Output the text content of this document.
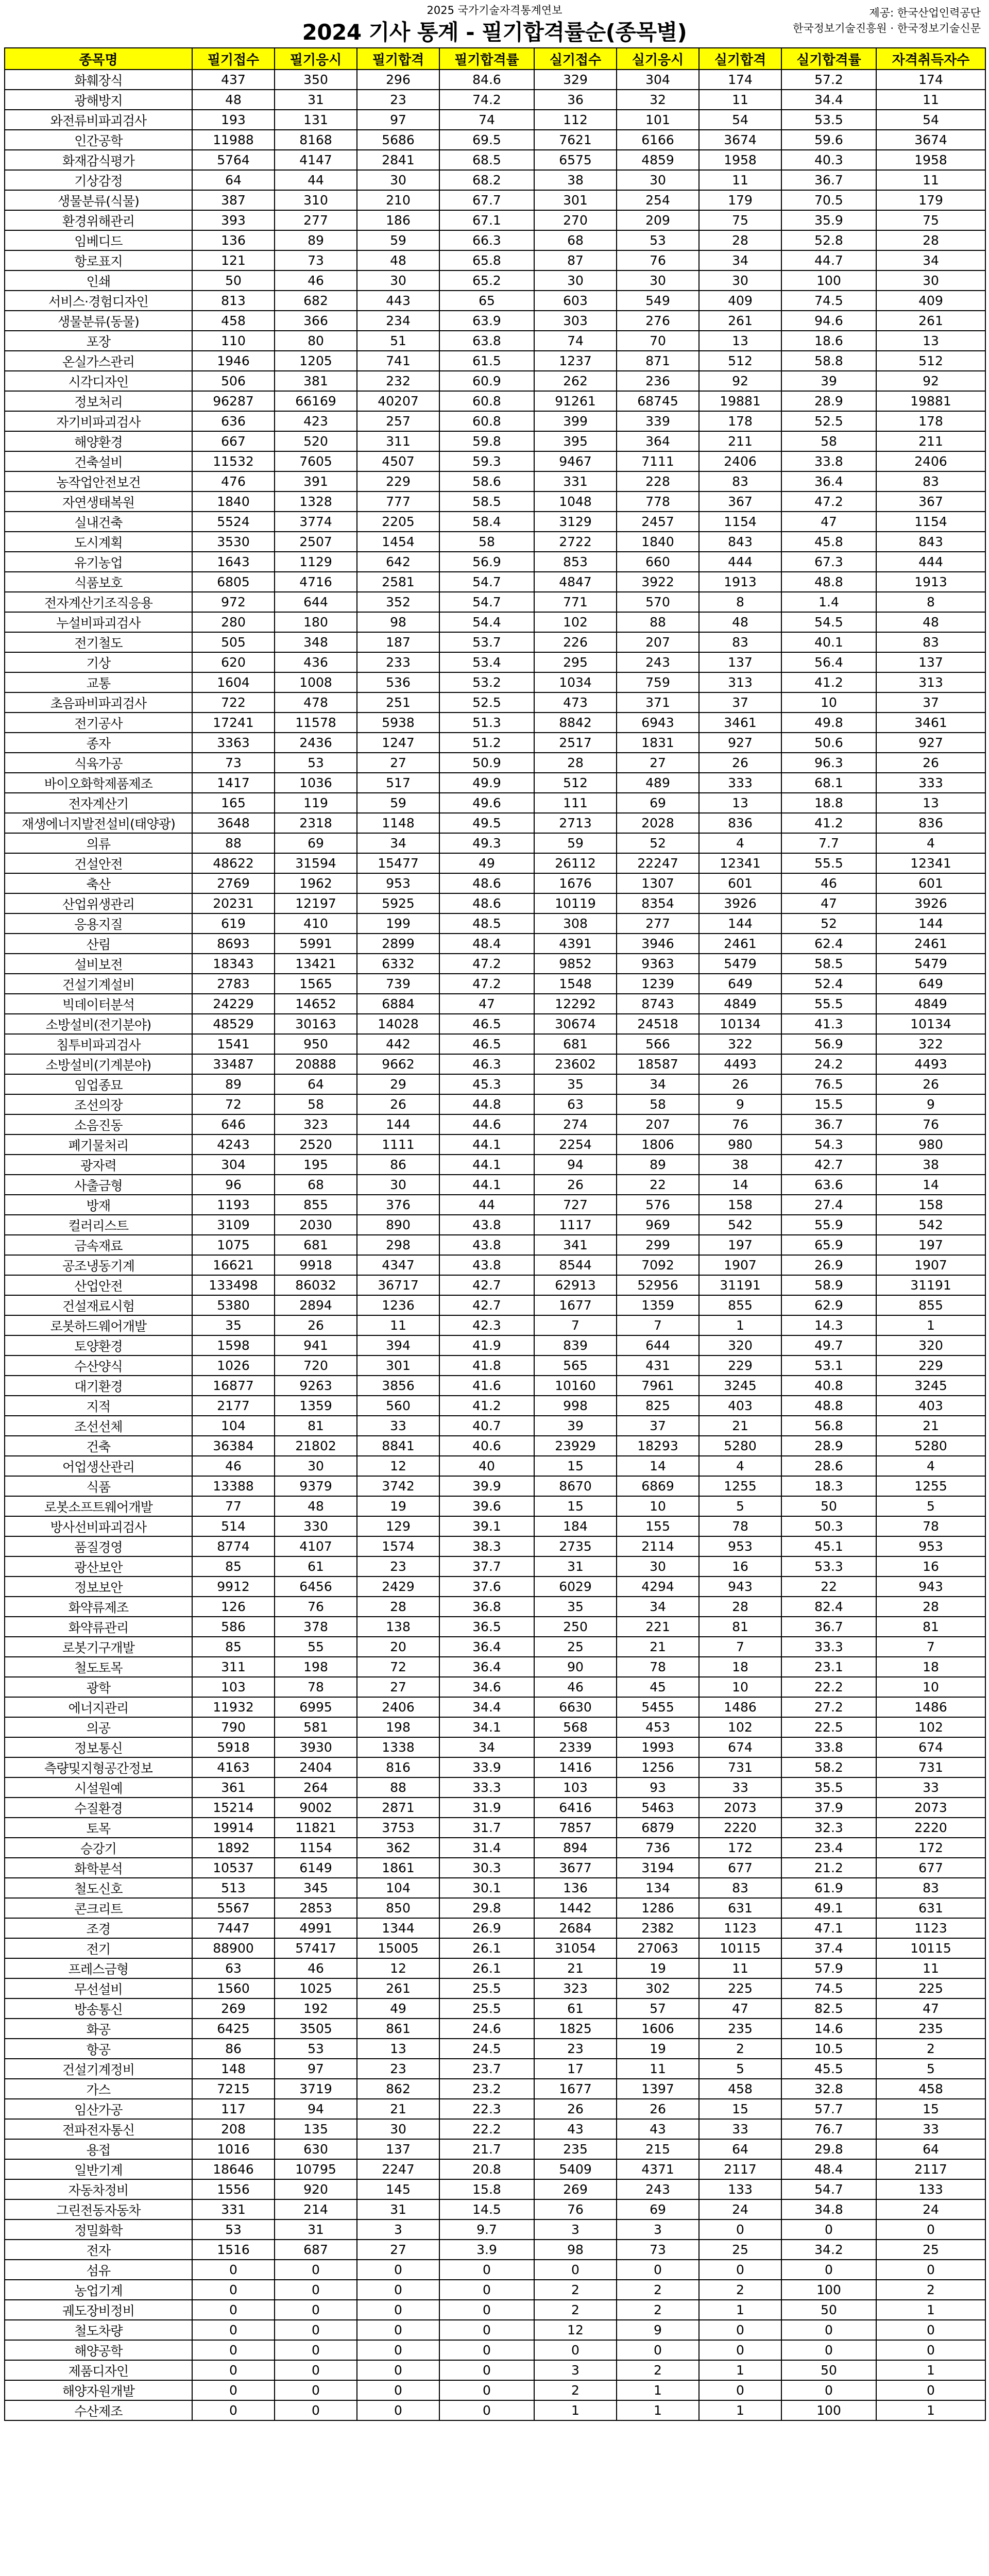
2025 국가기술자격통계연보
2024 기사 통계 - 필기합격률순(종목별)
제공: 한국산업인력공단
한국정보기술진흥원 · 한국정보기술신문
종목명	필기접수	필기응시	필기합격	필기합격률	실기접수	실기응시	실기합격	실기합격률	자격취득자수
화훼장식	437	350	296	84.6	329	304	174	57.2	174
광해방지	48	31	23	74.2	36	32	11	34.4	11
와전류비파괴검사	193	131	97	74	112	101	54	53.5	54
인간공학	11988	8168	5686	69.5	7621	6166	3674	59.6	3674
화재감식평가	5764	4147	2841	68.5	6575	4859	1958	40.3	1958
기상감정	64	44	30	68.2	38	30	11	36.7	11
생물분류(식물)	387	310	210	67.7	301	254	179	70.5	179
환경위해관리	393	277	186	67.1	270	209	75	35.9	75
임베디드	136	89	59	66.3	68	53	28	52.8	28
항로표지	121	73	48	65.8	87	76	34	44.7	34
인쇄	50	46	30	65.2	30	30	30	100	30
서비스·경험디자인	813	682	443	65	603	549	409	74.5	409
생물분류(동물)	458	366	234	63.9	303	276	261	94.6	261
포장	110	80	51	63.8	74	70	13	18.6	13
온실가스관리	1946	1205	741	61.5	1237	871	512	58.8	512
시각디자인	506	381	232	60.9	262	236	92	39	92
정보처리	96287	66169	40207	60.8	91261	68745	19881	28.9	19881
자기비파괴검사	636	423	257	60.8	399	339	178	52.5	178
해양환경	667	520	311	59.8	395	364	211	58	211
건축설비	11532	7605	4507	59.3	9467	7111	2406	33.8	2406
농작업안전보건	476	391	229	58.6	331	228	83	36.4	83
자연생태복원	1840	1328	777	58.5	1048	778	367	47.2	367
실내건축	5524	3774	2205	58.4	3129	2457	1154	47	1154
도시계획	3530	2507	1454	58	2722	1840	843	45.8	843
유기농업	1643	1129	642	56.9	853	660	444	67.3	444
식품보호	6805	4716	2581	54.7	4847	3922	1913	48.8	1913
전자계산기조직응용	972	644	352	54.7	771	570	8	1.4	8
누설비파괴검사	280	180	98	54.4	102	88	48	54.5	48
전기철도	505	348	187	53.7	226	207	83	40.1	83
기상	620	436	233	53.4	295	243	137	56.4	137
교통	1604	1008	536	53.2	1034	759	313	41.2	313
초음파비파괴검사	722	478	251	52.5	473	371	37	10	37
전기공사	17241	11578	5938	51.3	8842	6943	3461	49.8	3461
종자	3363	2436	1247	51.2	2517	1831	927	50.6	927
식육가공	73	53	27	50.9	28	27	26	96.3	26
바이오화학제품제조	1417	1036	517	49.9	512	489	333	68.1	333
전자계산기	165	119	59	49.6	111	69	13	18.8	13
재생에너지발전설비(태양광)	3648	2318	1148	49.5	2713	2028	836	41.2	836
의류	88	69	34	49.3	59	52	4	7.7	4
건설안전	48622	31594	15477	49	26112	22247	12341	55.5	12341
축산	2769	1962	953	48.6	1676	1307	601	46	601
산업위생관리	20231	12197	5925	48.6	10119	8354	3926	47	3926
응용지질	619	410	199	48.5	308	277	144	52	144
산림	8693	5991	2899	48.4	4391	3946	2461	62.4	2461
설비보전	18343	13421	6332	47.2	9852	9363	5479	58.5	5479
건설기계설비	2783	1565	739	47.2	1548	1239	649	52.4	649
빅데이터분석	24229	14652	6884	47	12292	8743	4849	55.5	4849
소방설비(전기분야)	48529	30163	14028	46.5	30674	24518	10134	41.3	10134
침투비파괴검사	1541	950	442	46.5	681	566	322	56.9	322
소방설비(기계분야)	33487	20888	9662	46.3	23602	18587	4493	24.2	4493
임업종묘	89	64	29	45.3	35	34	26	76.5	26
조선의장	72	58	26	44.8	63	58	9	15.5	9
소음진동	646	323	144	44.6	274	207	76	36.7	76
폐기물처리	4243	2520	1111	44.1	2254	1806	980	54.3	980
광자력	304	195	86	44.1	94	89	38	42.7	38
사출금형	96	68	30	44.1	26	22	14	63.6	14
방재	1193	855	376	44	727	576	158	27.4	158
컬러리스트	3109	2030	890	43.8	1117	969	542	55.9	542
금속재료	1075	681	298	43.8	341	299	197	65.9	197
공조냉동기계	16621	9918	4347	43.8	8544	7092	1907	26.9	1907
산업안전	133498	86032	36717	42.7	62913	52956	31191	58.9	31191
건설재료시험	5380	2894	1236	42.7	1677	1359	855	62.9	855
로봇하드웨어개발	35	26	11	42.3	7	7	1	14.3	1
토양환경	1598	941	394	41.9	839	644	320	49.7	320
수산양식	1026	720	301	41.8	565	431	229	53.1	229
대기환경	16877	9263	3856	41.6	10160	7961	3245	40.8	3245
지적	2177	1359	560	41.2	998	825	403	48.8	403
조선선체	104	81	33	40.7	39	37	21	56.8	21
건축	36384	21802	8841	40.6	23929	18293	5280	28.9	5280
어업생산관리	46	30	12	40	15	14	4	28.6	4
식품	13388	9379	3742	39.9	8670	6869	1255	18.3	1255
로봇소프트웨어개발	77	48	19	39.6	15	10	5	50	5
방사선비파괴검사	514	330	129	39.1	184	155	78	50.3	78
품질경영	8774	4107	1574	38.3	2735	2114	953	45.1	953
광산보안	85	61	23	37.7	31	30	16	53.3	16
정보보안	9912	6456	2429	37.6	6029	4294	943	22	943
화약류제조	126	76	28	36.8	35	34	28	82.4	28
화약류관리	586	378	138	36.5	250	221	81	36.7	81
로봇기구개발	85	55	20	36.4	25	21	7	33.3	7
철도토목	311	198	72	36.4	90	78	18	23.1	18
광학	103	78	27	34.6	46	45	10	22.2	10
에너지관리	11932	6995	2406	34.4	6630	5455	1486	27.2	1486
의공	790	581	198	34.1	568	453	102	22.5	102
정보통신	5918	3930	1338	34	2339	1993	674	33.8	674
측량및지형공간정보	4163	2404	816	33.9	1416	1256	731	58.2	731
시설원예	361	264	88	33.3	103	93	33	35.5	33
수질환경	15214	9002	2871	31.9	6416	5463	2073	37.9	2073
토목	19914	11821	3753	31.7	7857	6879	2220	32.3	2220
승강기	1892	1154	362	31.4	894	736	172	23.4	172
화학분석	10537	6149	1861	30.3	3677	3194	677	21.2	677
철도신호	513	345	104	30.1	136	134	83	61.9	83
콘크리트	5567	2853	850	29.8	1442	1286	631	49.1	631
조경	7447	4991	1344	26.9	2684	2382	1123	47.1	1123
전기	88900	57417	15005	26.1	31054	27063	10115	37.4	10115
프레스금형	63	46	12	26.1	21	19	11	57.9	11
무선설비	1560	1025	261	25.5	323	302	225	74.5	225
방송통신	269	192	49	25.5	61	57	47	82.5	47
화공	6425	3505	861	24.6	1825	1606	235	14.6	235
항공	86	53	13	24.5	23	19	2	10.5	2
건설기계정비	148	97	23	23.7	17	11	5	45.5	5
가스	7215	3719	862	23.2	1677	1397	458	32.8	458
임산가공	117	94	21	22.3	26	26	15	57.7	15
전파전자통신	208	135	30	22.2	43	43	33	76.7	33
용접	1016	630	137	21.7	235	215	64	29.8	64
일반기계	18646	10795	2247	20.8	5409	4371	2117	48.4	2117
자동차정비	1556	920	145	15.8	269	243	133	54.7	133
그린전동자동차	331	214	31	14.5	76	69	24	34.8	24
정밀화학	53	31	3	9.7	3	3	0	0	0
전자	1516	687	27	3.9	98	73	25	34.2	25
섬유	0	0	0	0	0	0	0	0	0
농업기계	0	0	0	0	2	2	2	100	2
궤도장비정비	0	0	0	0	2	2	1	50	1
철도차량	0	0	0	0	12	9	0	0	0
해양공학	0	0	0	0	0	0	0	0	0
제품디자인	0	0	0	0	3	2	1	50	1
해양자원개발	0	0	0	0	2	1	0	0	0
수산제조	0	0	0	0	1	1	1	100	1
